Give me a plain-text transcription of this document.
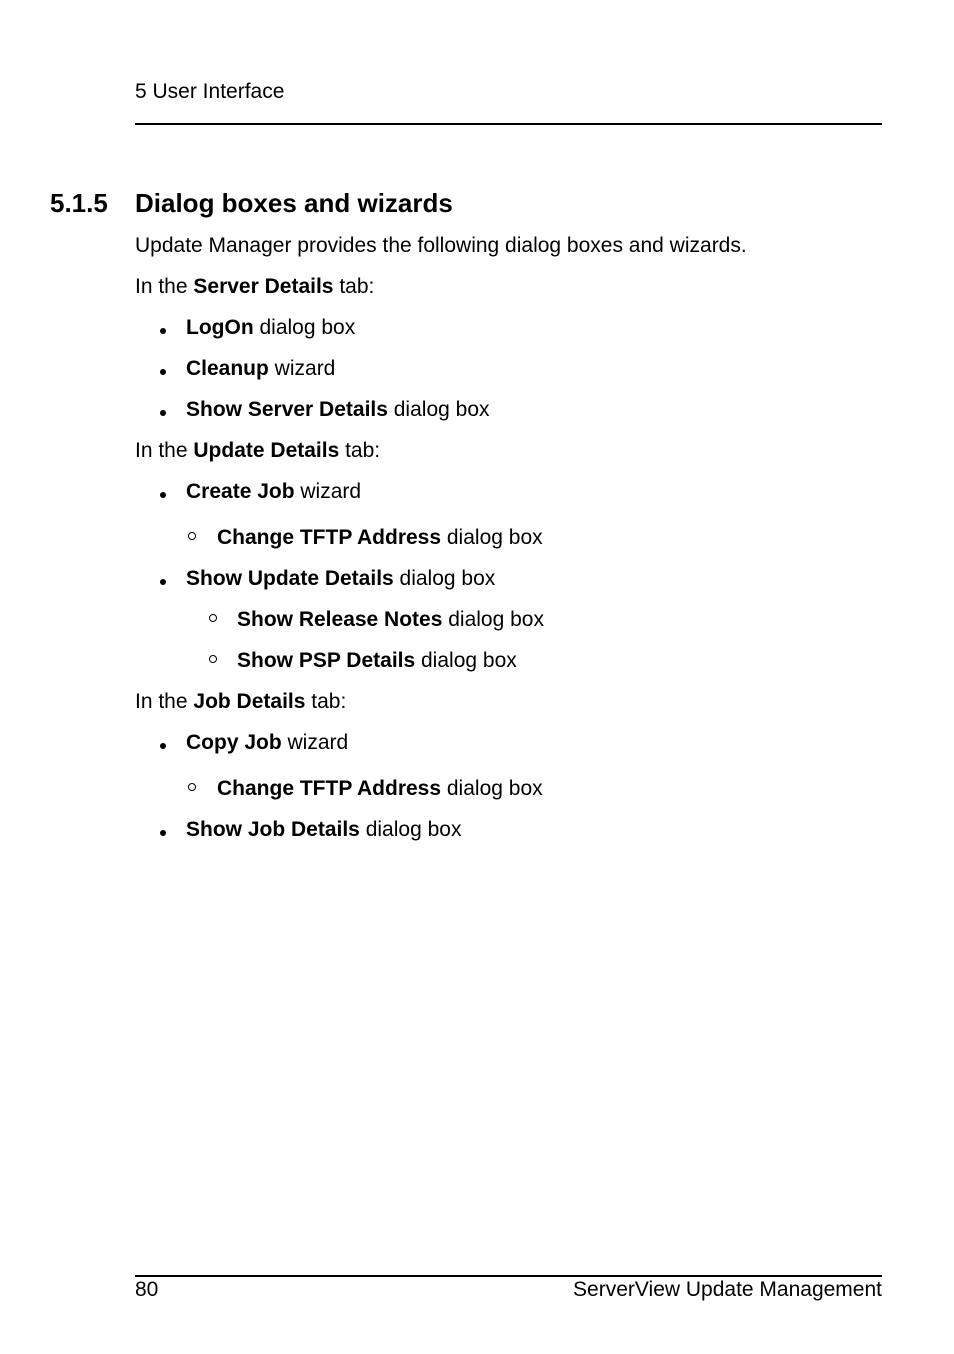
5 User Interface
5.1.5 Dialog boxes and wizards
Update Manager provides the following dialog boxes and wizards.
In the Server Details tab:
LogOn dialog box
Cleanup wizard
Show Server Details dialog box
In the Update Details tab:
Create Job wizard
Change TFTP Address dialog box
Show Update Details dialog box
Show Release Notes dialog box
Show PSP Details dialog box
In the Job Details tab:
Copy Job wizard
Change TFTP Address dialog box
Show Job Details dialog box
80	ServerView Update Management
